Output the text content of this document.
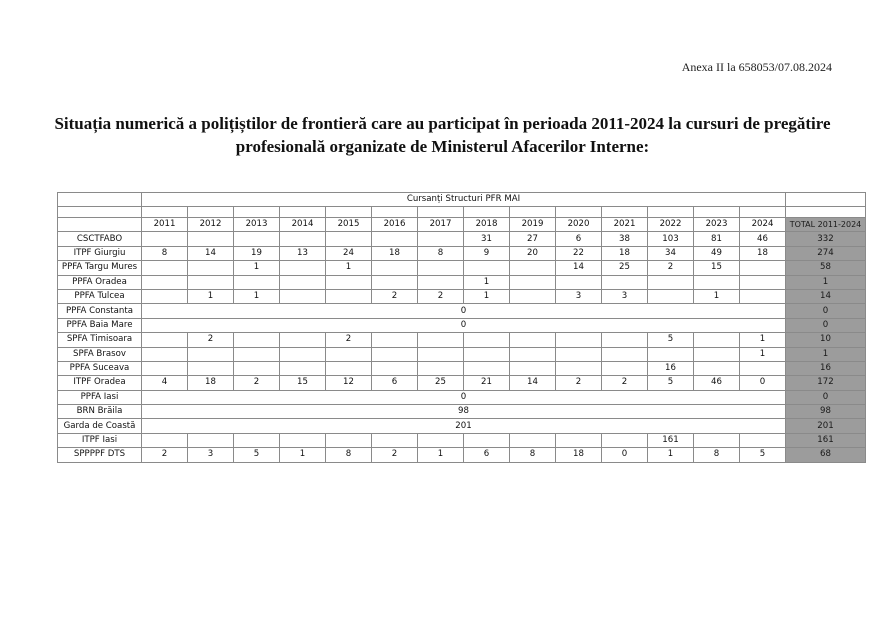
Anexa II la 658053/07.08.2024
Situația numerică a polițiștilor de frontieră care au participat în perioada 2011-2024 la cursuri de pregătire
profesională organizate de Ministerul Afacerilor Interne:
	Cursanți Structuri PFR MAI														

	2011	2012	2013	2014	2015	2016	2017	2018	2019	2020	2021	2022	2023	2024	TOTAL 2011-2024
CSCTFABO								31	27	6	38	103	81	46	332
ITPF Giurgiu	8	14	19	13	24	18	8	9	20	22	18	34	49	18	274
PPFA Targu Mures			1		1					14	25	2	15		58
PPFA Oradea								1							1
PPFA Tulcea		1	1			2	2	1		3	3		1		14
PPFA Constanta	0														0
PPFA Baia Mare	0														0
SPFA Timisoara		2			2							5		1	10
SPFA Brasov														1	1
PPFA Suceava												16			16
ITPF Oradea	4	18	2	15	12	6	25	21	14	2	2	5	46	0	172
PPFA Iasi	0														0
BRN Brăila	98														98
Garda de Coastă	201														201
ITPF Iasi												161			161
SPPPPF DTS	2	3	5	1	8	2	1	6	8	18	0	1	8	5	68
